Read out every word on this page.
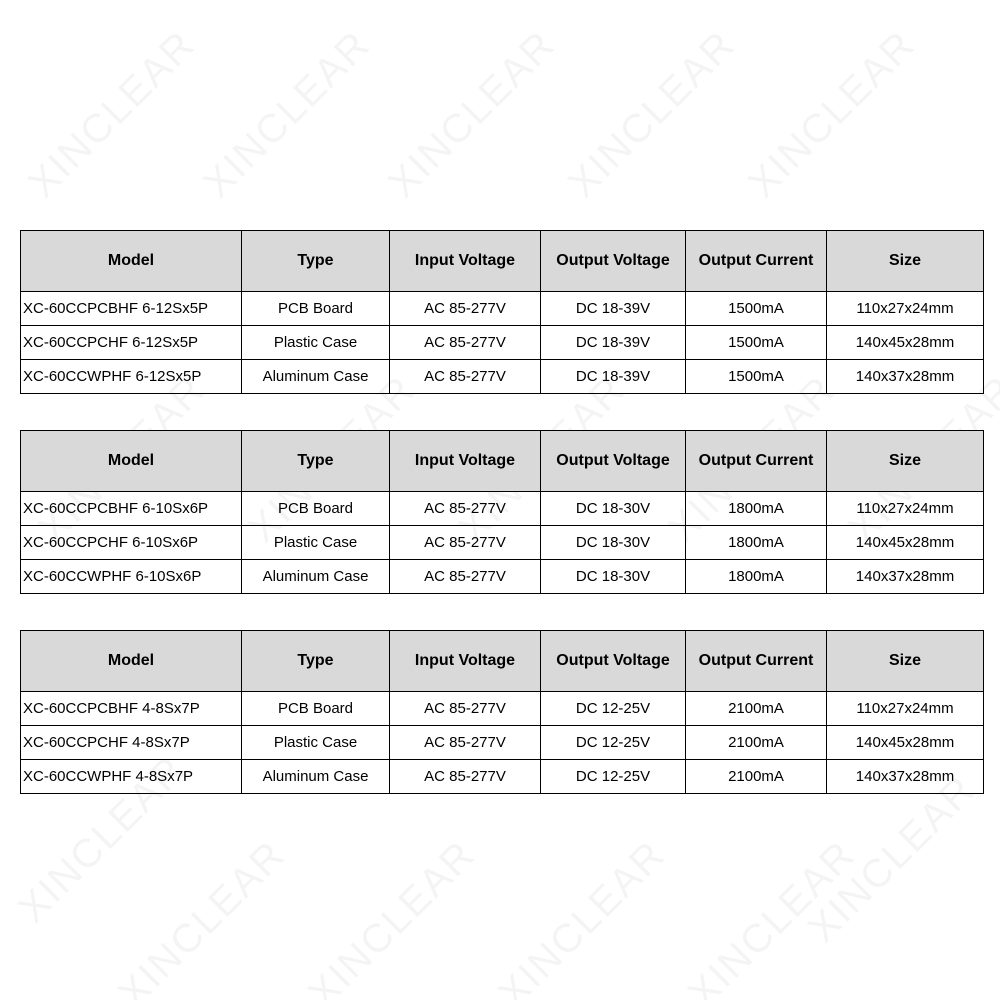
Model	Type	Input Voltage	Output Voltage	Output Current	Size
XC-60CCPCBHF 6-12Sx5P	PCB Board	AC 85-277V	DC 18-39V	1500mA	110x27x24mm
XC-60CCPCHF 6-12Sx5P	Plastic Case	AC 85-277V	DC 18-39V	1500mA	140x45x28mm
XC-60CCWPHF 6-12Sx5P	Aluminum Case	AC 85-277V	DC 18-39V	1500mA	140x37x28mm
Model	Type	Input Voltage	Output Voltage	Output Current	Size
XC-60CCPCBHF 6-10Sx6P	PCB Board	AC 85-277V	DC 18-30V	1800mA	110x27x24mm
XC-60CCPCHF 6-10Sx6P	Plastic Case	AC 85-277V	DC 18-30V	1800mA	140x45x28mm
XC-60CCWPHF 6-10Sx6P	Aluminum Case	AC 85-277V	DC 18-30V	1800mA	140x37x28mm
Model	Type	Input Voltage	Output Voltage	Output Current	Size
XC-60CCPCBHF 4-8Sx7P	PCB Board	AC 85-277V	DC 12-25V	2100mA	110x27x24mm
XC-60CCPCHF 4-8Sx7P	Plastic Case	AC 85-277V	DC 12-25V	2100mA	140x45x28mm
XC-60CCWPHF 4-8Sx7P	Aluminum Case	AC 85-277V	DC 12-25V	2100mA	140x37x28mm
